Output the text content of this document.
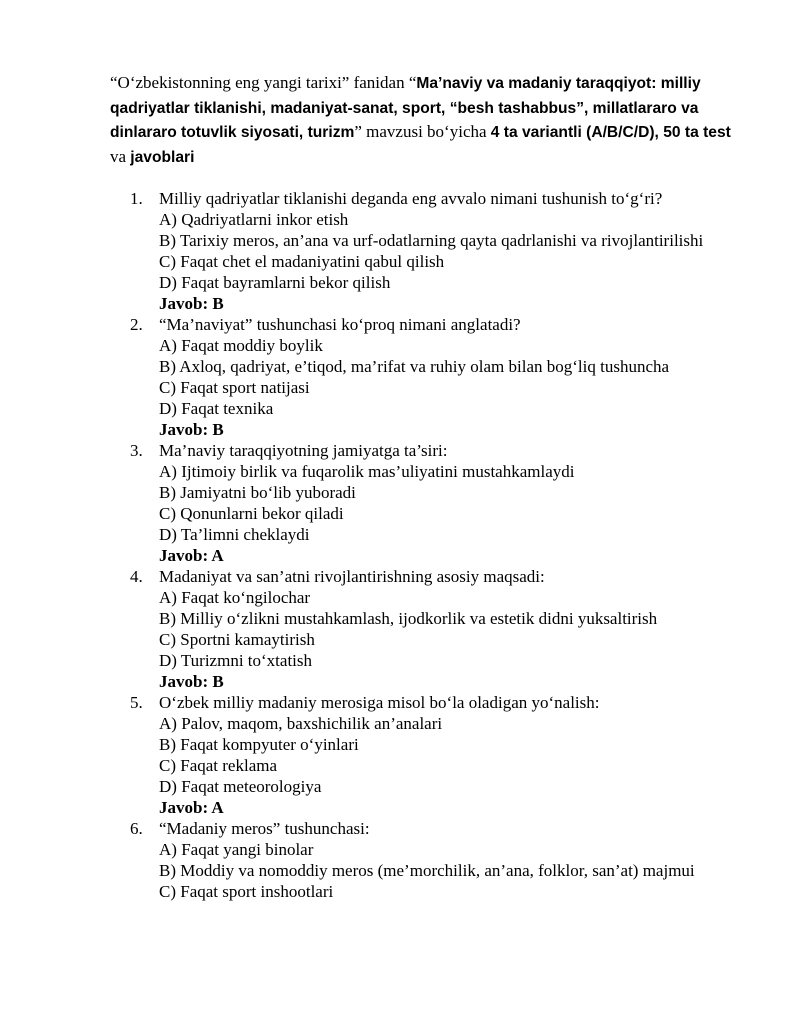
“O‘zbekistonning eng yangi tarixi” fanidan “Ma’naviy va madaniy taraqqiyot: milliy qadriyatlar tiklanishi, madaniyat-sanat, sport, “besh tashabbus”, millatlararo va dinlararo totuvlik siyosati, turizm” mavzusi bo‘yicha 4 ta variantli (A/B/C/D), 50 ta test va javoblari

1. Milliy qadriyatlar tiklanishi deganda eng avvalo nimani tushunish to‘g‘ri?
A) Qadriyatlarni inkor etish
B) Tarixiy meros, an’ana va urf-odatlarning qayta qadrlanishi va rivojlantirilishi
C) Faqat chet el madaniyatini qabul qilish
D) Faqat bayramlarni bekor qilish
Javob: B
2. “Ma’naviyat” tushunchasi ko‘proq nimani anglatadi?
A) Faqat moddiy boylik
B) Axloq, qadriyat, e’tiqod, ma’rifat va ruhiy olam bilan bog‘liq tushuncha
C) Faqat sport natijasi
D) Faqat texnika
Javob: B
3. Ma’naviy taraqqiyotning jamiyatga ta’siri:
A) Ijtimoiy birlik va fuqarolik mas’uliyatini mustahkamlaydi
B) Jamiyatni bo‘lib yuboradi
C) Qonunlarni bekor qiladi
D) Ta’limni cheklaydi
Javob: A
4. Madaniyat va san’atni rivojlantirishning asosiy maqsadi:
A) Faqat ko‘ngilochar
B) Milliy o‘zlikni mustahkamlash, ijodkorlik va estetik didni yuksaltirish
C) Sportni kamaytirish
D) Turizmni to‘xtatish
Javob: B
5. O‘zbek milliy madaniy merosiga misol bo‘la oladigan yo‘nalish:
A) Palov, maqom, baxshichilik an’analari
B) Faqat kompyuter o‘yinlari
C) Faqat reklama
D) Faqat meteorologiya
Javob: A
6. “Madaniy meros” tushunchasi:
A) Faqat yangi binolar
B) Moddiy va nomoddiy meros (me’morchilik, an’ana, folklor, san’at) majmui
C) Faqat sport inshootlari
